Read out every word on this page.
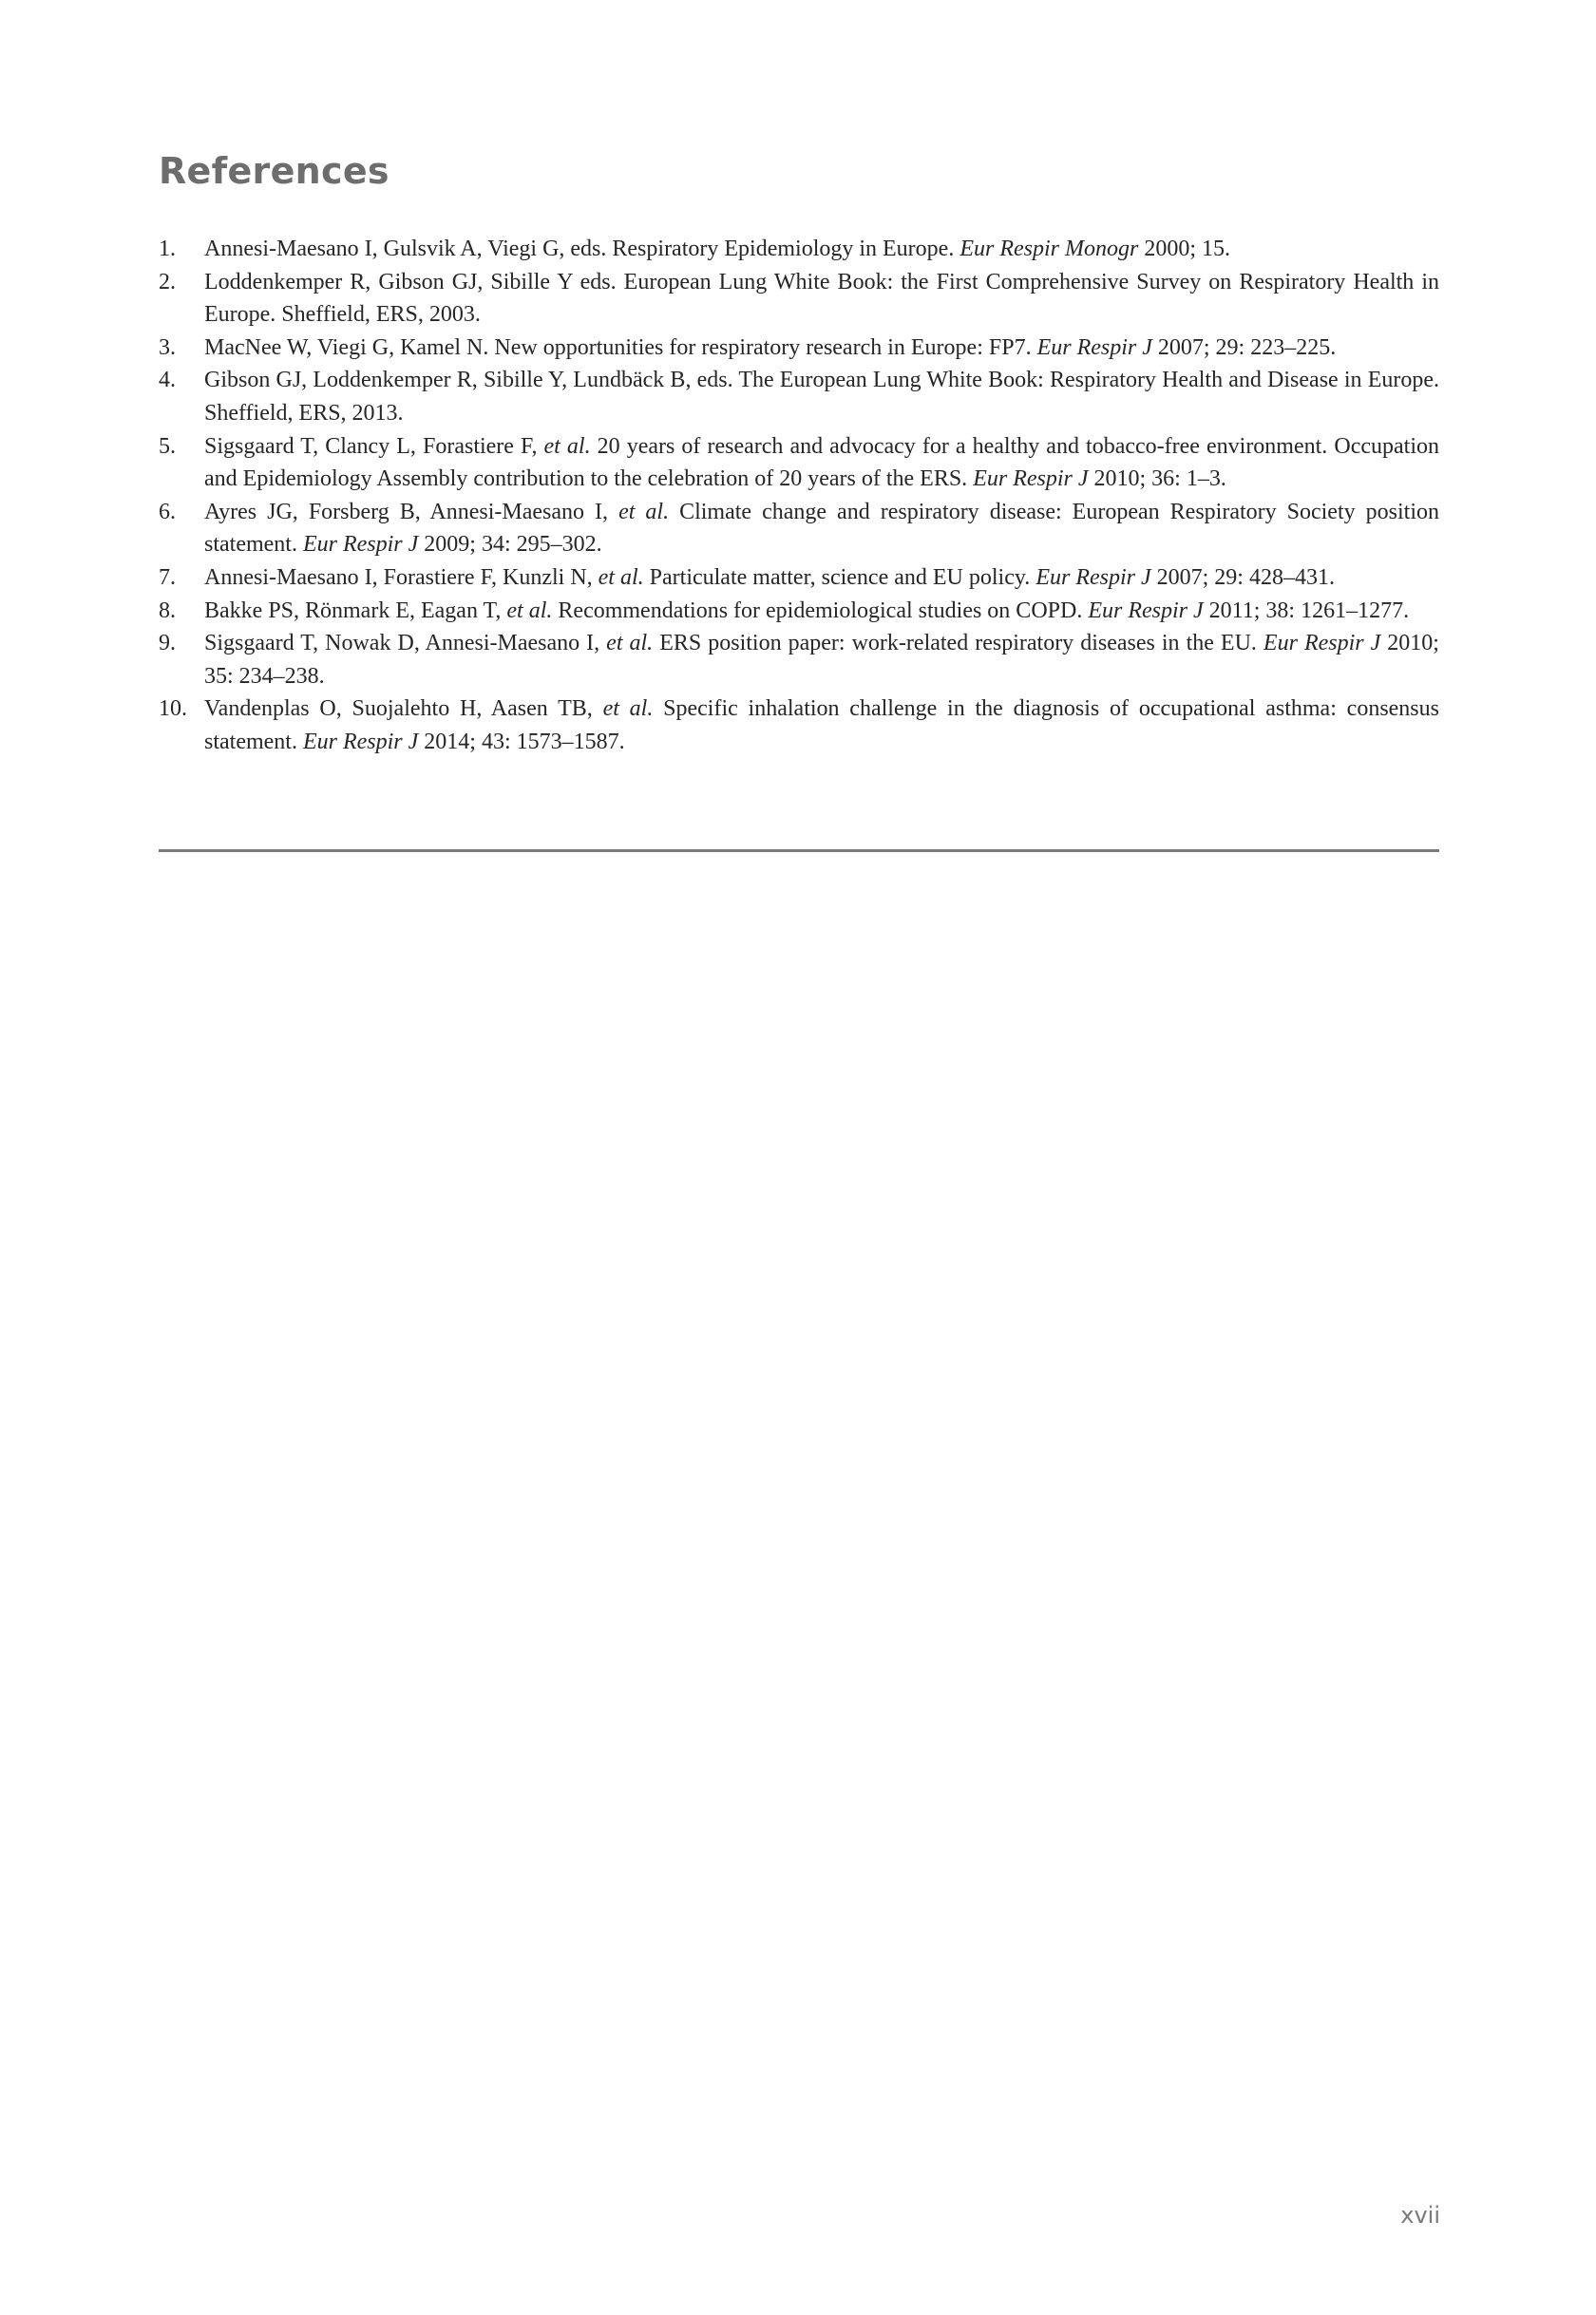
References
1. Annesi-Maesano I, Gulsvik A, Viegi G, eds. Respiratory Epidemiology in Europe. Eur Respir Monogr 2000; 15.
2. Loddenkemper R, Gibson GJ, Sibille Y eds. European Lung White Book: the First Comprehensive Survey on Respiratory Health in Europe. Sheffield, ERS, 2003.
3. MacNee W, Viegi G, Kamel N. New opportunities for respiratory research in Europe: FP7. Eur Respir J 2007; 29: 223–225.
4. Gibson GJ, Loddenkemper R, Sibille Y, Lundbäck B, eds. The European Lung White Book: Respiratory Health and Disease in Europe. Sheffield, ERS, 2013.
5. Sigsgaard T, Clancy L, Forastiere F, et al. 20 years of research and advocacy for a healthy and tobacco-free environment. Occupation and Epidemiology Assembly contribution to the celebration of 20 years of the ERS. Eur Respir J 2010; 36: 1–3.
6. Ayres JG, Forsberg B, Annesi-Maesano I, et al. Climate change and respiratory disease: European Respiratory Society position statement. Eur Respir J 2009; 34: 295–302.
7. Annesi-Maesano I, Forastiere F, Kunzli N, et al. Particulate matter, science and EU policy. Eur Respir J 2007; 29: 428–431.
8. Bakke PS, Rönmark E, Eagan T, et al. Recommendations for epidemiological studies on COPD. Eur Respir J 2011; 38: 1261–1277.
9. Sigsgaard T, Nowak D, Annesi-Maesano I, et al. ERS position paper: work-related respiratory diseases in the EU. Eur Respir J 2010; 35: 234–238.
10. Vandenplas O, Suojalehto H, Aasen TB, et al. Specific inhalation challenge in the diagnosis of occupational asthma: consensus statement. Eur Respir J 2014; 43: 1573–1587.
xvii
